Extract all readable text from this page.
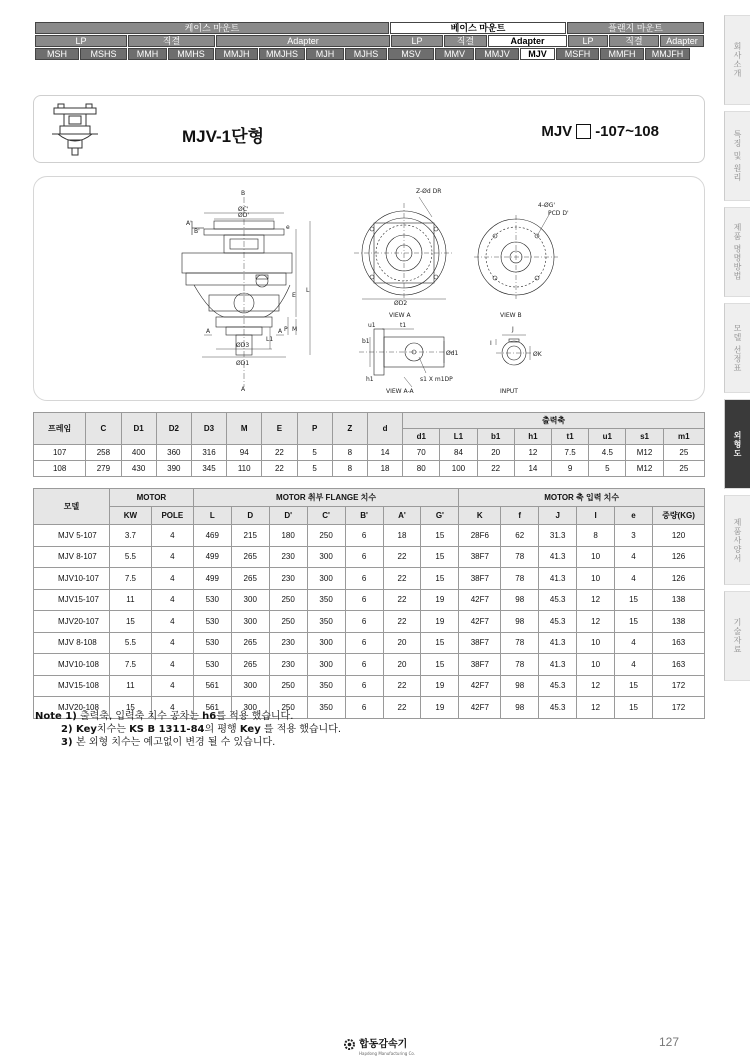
케이스 마운트	베이스 마운트	플랜지 마운트
LP	직결	Adapter	LP	직결	Adapter	LP	직결	Adapter
MSH	MSHS	MMH	MMHS	MMJH	MMJHS	MJH	MJHS	MSV	MMV	MMJV	MJV	MSFH	MMFH	MMJFH	회사소개
특징 및 원리
제품 명명방법
모델 선정표
외형도
제품사양서
기술자료
MJV-1단형	MJV -107~108
B
ØC'
ØD'
e
A'
B'
E
L
P M
L1
A	A
ØD3
ØD1
A
Z-Ød DR
ØD2
VIEW A
4-ØG'
PCD D'
VIEW B
u1	t1
b1
h1
Ød1
s1 X m1DP
VIEW A-A
J
I
ØK
INPUT
프레임	C	D1	D2	D3	M	E	P	Z	d	출력축							
										d1	L1	b1	h1	t1	u1	s1	m1
107	258	400	360	316	94	22	5	8	14	70	84	20	12	7.5	4.5	M12	25
108	279	430	390	345	110	22	5	8	18	80	100	22	14	9	5	M12	25
모델	MOTOR		MOTOR 취부 FLANGE 치수							MOTOR 축 입력 치수					
	KW	POLE	L	D	D'	C'	B'	A'	G'	K	f	J	I	e	중량(KG)
MJV 5-107	3.7	4	469	215	180	250	6	18	15	28F6	62	31.3	8	3	120
MJV 8-107	5.5	4	499	265	230	300	6	22	15	38F7	78	41.3	10	4	126
MJV10-107	7.5	4	499	265	230	300	6	22	15	38F7	78	41.3	10	4	126
MJV15-107	11	4	530	300	250	350	6	22	19	42F7	98	45.3	12	15	138
MJV20-107	15	4	530	300	250	350	6	22	19	42F7	98	45.3	12	15	138
MJV 8-108	5.5	4	530	265	230	300	6	20	15	38F7	78	41.3	10	4	163
MJV10-108	7.5	4	530	265	230	300	6	20	15	38F7	78	41.3	10	4	163
MJV15-108	11	4	561	300	250	350	6	22	19	42F7	98	45.3	12	15	172
MJV20-108	15	4	561	300	250	350	6	22	19	42F7	98	45.3	12	15	172
Note 1) 출력축, 입력축 치수 공차는 h6를 적용 했습니다.
2) Key치수는 KS B 1311-84의 평행 Key 를 적용 했습니다.
3) 본 외형 치수는 예고없이 변경 될 수 있습니다.
합동감속기
Hapdong Manufacturing Co.
127
